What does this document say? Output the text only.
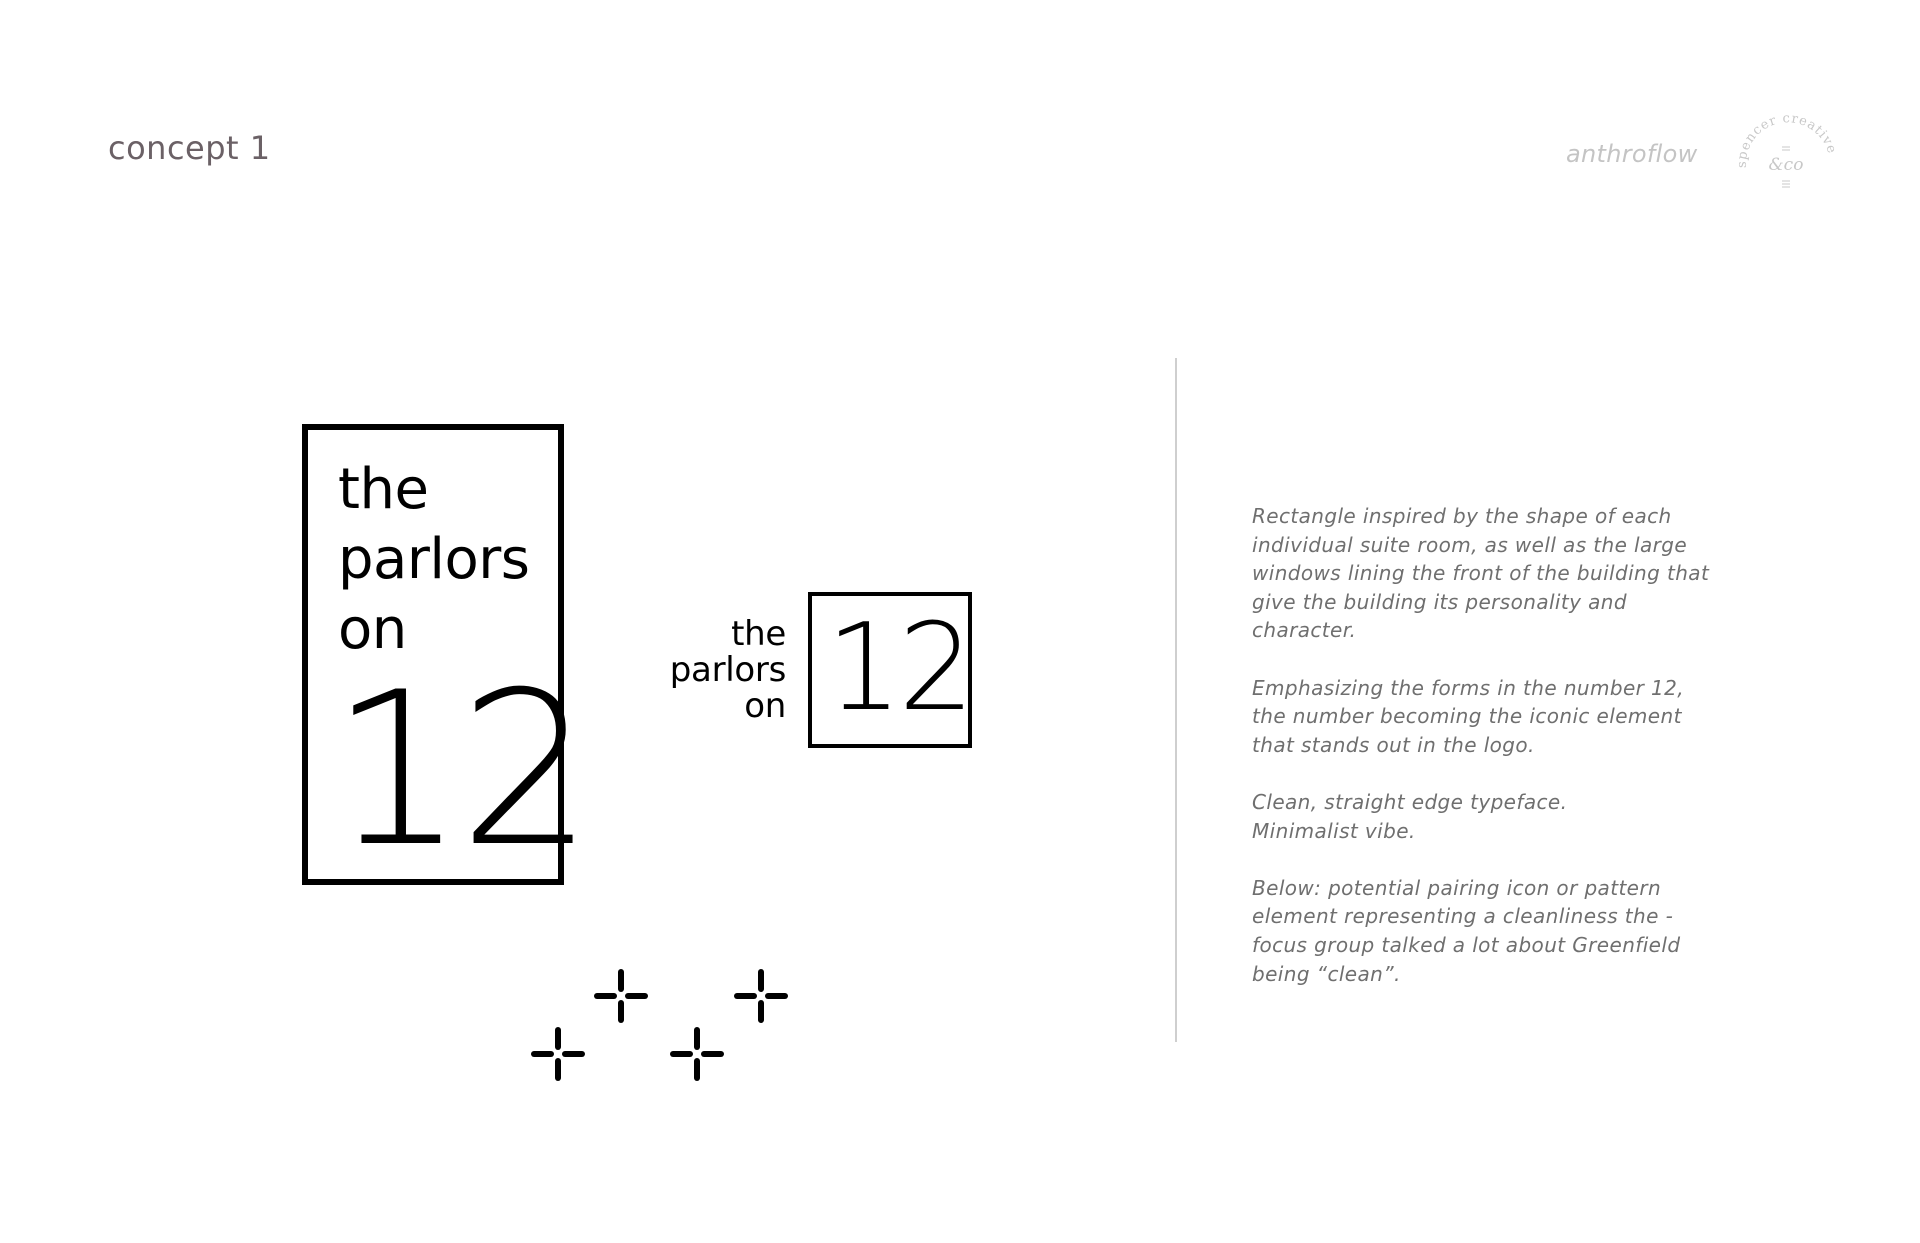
concept 1	anthroflow	spencer creative
&co
the
parlors
on
12
the
parlors
on 12

Rectangle inspired by the shape of each
individual suite room, as well as the large
windows lining the front of the building that
give the building its personality and
character.

Emphasizing the forms in the number 12,
the number becoming the iconic element
that stands out in the logo.

Clean, straight edge typeface.
Minimalist vibe.

Below: potential pairing icon or pattern
element representing a cleanliness the -
focus group talked a lot about Greenfield
being “clean”.
